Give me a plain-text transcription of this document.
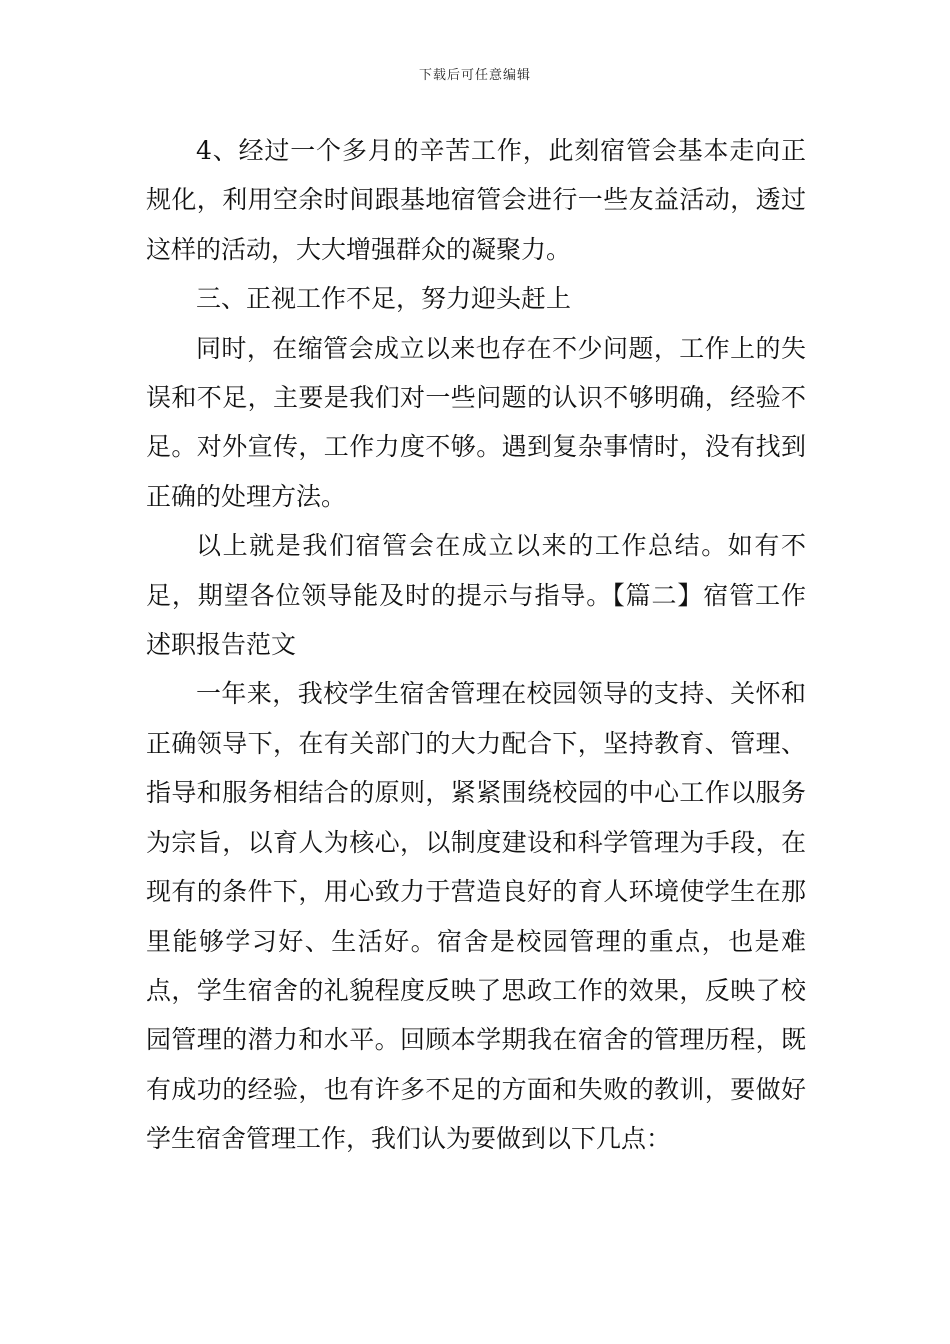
下载后可任意编辑

4、经过一个多月的辛苦工作，此刻宿管会基本走向正规化，利用空余时间跟基地宿管会进行一些友益活动，透过这样的活动，大大增强群众的凝聚力。

三、正视工作不足，努力迎头赶上

同时，在缩管会成立以来也存在不少问题，工作上的失误和不足，主要是我们对一些问题的认识不够明确，经验不足。对外宣传，工作力度不够。遇到复杂事情时，没有找到正确的处理方法。

以上就是我们宿管会在成立以来的工作总结。如有不足，期望各位领导能及时的提示与指导。【篇二】宿管工作述职报告范文

一年来，我校学生宿舍管理在校园领导的支持、关怀和正确领导下，在有关部门的大力配合下，坚持教育、管理、指导和服务相结合的原则，紧紧围绕校园的中心工作以服务为宗旨，以育人为核心，以制度建设和科学管理为手段，在现有的条件下，用心致力于营造良好的育人环境使学生在那里能够学习好、生活好。宿舍是校园管理的重点，也是难点，学生宿舍的礼貌程度反映了思政工作的效果，反映了校园管理的潜力和水平。回顾本学期我在宿舍的管理历程，既有成功的经验，也有许多不足的方面和失败的教训，要做好学生宿舍管理工作，我们认为要做到以下几点：
